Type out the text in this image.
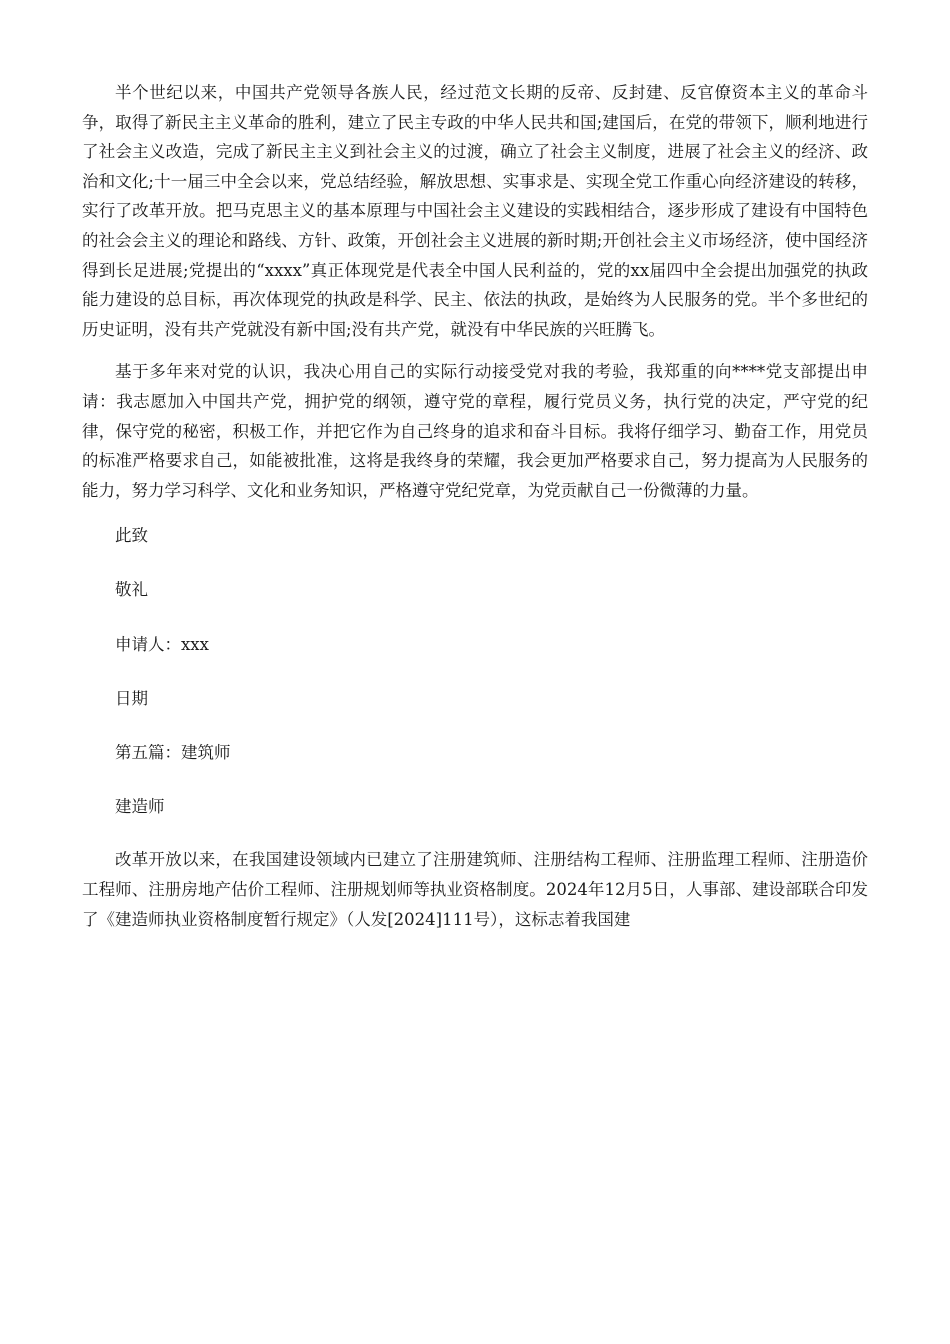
半个世纪以来，中国共产党领导各族人民，经过范文长期的反帝、反封建、反官僚资本主义的革命斗争，取得了新民主主义革命的胜利，建立了民主专政的中华人民共和国;建国后，在党的带领下，顺利地进行了社会主义改造，完成了新民主主义到社会主义的过渡，确立了社会主义制度，进展了社会主义的经济、政治和文化;十一届三中全会以来，党总结经验，解放思想、实事求是、实现全党工作重心向经济建设的转移，实行了改革开放。把马克思主义的基本原理与中国社会主义建设的实践相结合，逐步形成了建设有中国特色的社会会主义的理论和路线、方针、政策，开创社会主义进展的新时期;开创社会主义市场经济，使中国经济得到长足进展;党提出的“xxxx”真正体现党是代表全中国人民利益的，党的xx届四中全会提出加强党的执政能力建设的总目标，再次体现党的执政是科学、民主、依法的执政，是始终为人民服务的党。半个多世纪的历史证明，没有共产党就没有新中国;没有共产党，就没有中华民族的兴旺腾飞。

基于多年来对党的认识，我决心用自己的实际行动接受党对我的考验，我郑重的向****党支部提出申请：我志愿加入中国共产党，拥护党的纲领，遵守党的章程，履行党员义务，执行党的决定，严守党的纪律，保守党的秘密，积极工作，并把它作为自己终身的追求和奋斗目标。我将仔细学习、勤奋工作，用党员的标准严格要求自己，如能被批准，这将是我终身的荣耀，我会更加严格要求自己，努力提高为人民服务的能力，努力学习科学、文化和业务知识，严格遵守党纪党章，为党贡献自己一份微薄的力量。

此致

敬礼

申请人：xxx

日期

第五篇：建筑师

建造师

改革开放以来，在我国建设领域内已建立了注册建筑师、注册结构工程师、注册监理工程师、注册造价工程师、注册房地产估价工程师、注册规划师等执业资格制度。2024年12月5日，人事部、建设部联合印发了《建造师执业资格制度暂行规定》（人发[2024]111号），这标志着我国建
